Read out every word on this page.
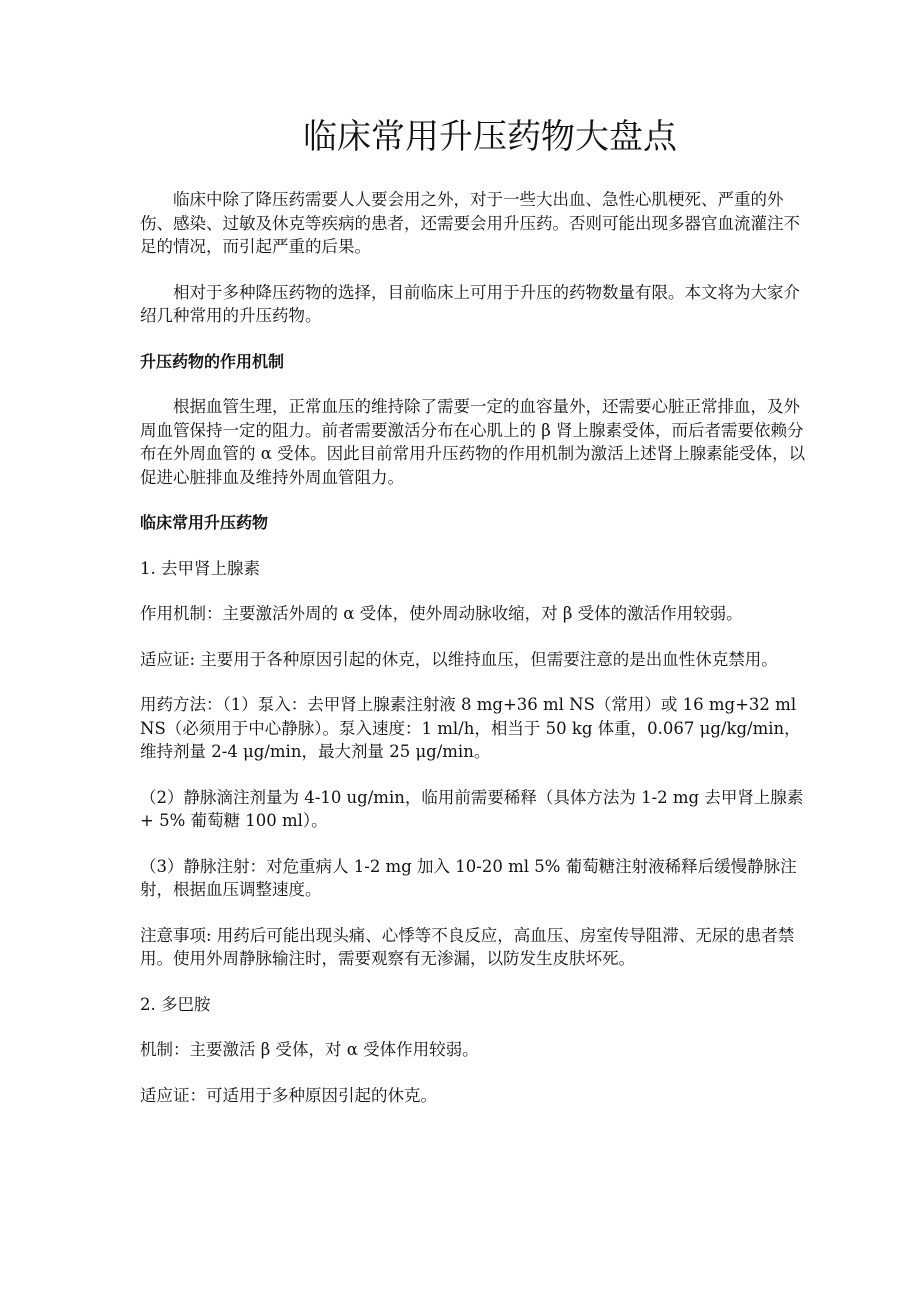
临床常用升压药物大盘点

临床中除了降压药需要人人要会用之外，对于一些大出血、急性心肌梗死、严重的外伤、感染、过敏及休克等疾病的患者，还需要会用升压药。否则可能出现多器官血流灌注不足的情况，而引起严重的后果。

相对于多种降压药物的选择，目前临床上可用于升压的药物数量有限。本文将为大家介绍几种常用的升压药物。

升压药物的作用机制

根据血管生理，正常血压的维持除了需要一定的血容量外，还需要心脏正常排血，及外周血管保持一定的阻力。前者需要激活分布在心肌上的 β 肾上腺素受体，而后者需要依赖分布在外周血管的 α 受体。因此目前常用升压药物的作用机制为激活上述肾上腺素能受体，以促进心脏排血及维持外周血管阻力。

临床常用升压药物

1. 去甲肾上腺素

作用机制：主要激活外周的 α 受体，使外周动脉收缩，对 β 受体的激活作用较弱。

适应证: 主要用于各种原因引起的休克，以维持血压，但需要注意的是出血性休克禁用。

用药方法：（1）泵入：去甲肾上腺素注射液 8 mg+36 ml NS（常用）或 16 mg+32 ml NS（必须用于中心静脉）。泵入速度：1 ml/h，相当于 50 kg 体重，0.067 μg/kg/min，维持剂量 2-4 μg/min，最大剂量 25 μg/min。

（2）静脉滴注剂量为 4-10 ug/min，临用前需要稀释（具体方法为 1-2 mg 去甲肾上腺素 + 5% 葡萄糖 100 ml）。

（3）静脉注射：对危重病人 1-2 mg 加入 10-20 ml 5% 葡萄糖注射液稀释后缓慢静脉注射，根据血压调整速度。

注意事项: 用药后可能出现头痛、心悸等不良反应，高血压、房室传导阻滞、无尿的患者禁用。使用外周静脉输注时，需要观察有无渗漏，以防发生皮肤坏死。

2. 多巴胺

机制：主要激活 β 受体，对 α 受体作用较弱。

适应证：可适用于多种原因引起的休克。
